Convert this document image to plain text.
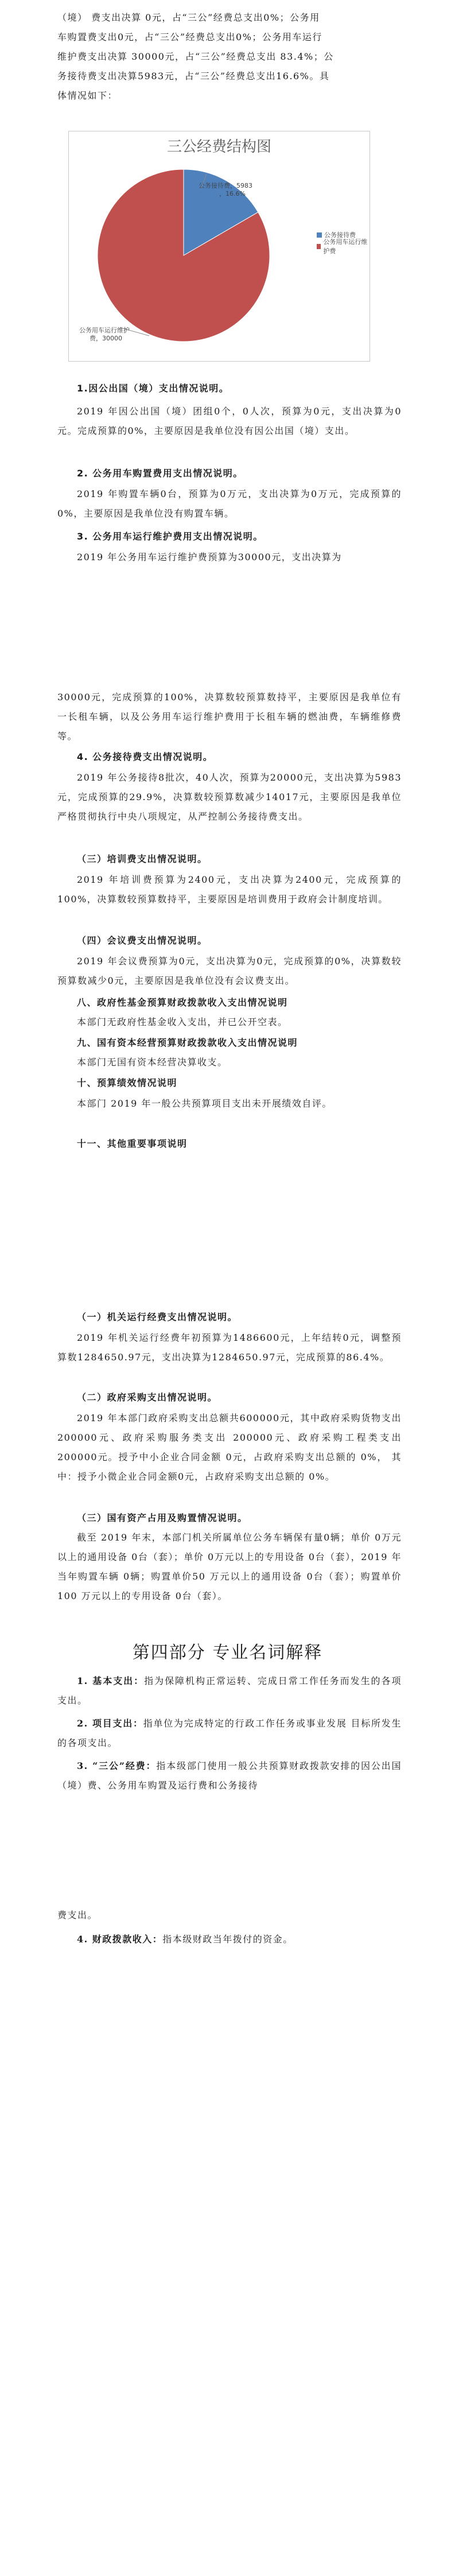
（境） 费支出决算 0元，占“三公”经费总支出0%；公务用

车购置费支出0元，占“三公”经费总支出0%；公务用车运行

维护费支出决算 30000元，占“三公”经费总支出 83.4%；公

务接待费支出决算5983元，占“三公”经费总支出16.6%。具

体情况如下：

三公经费结构图
公务接待费，5983
，16.6%
公务用车运行维护
费，30000
公务接待费
公务用车运行维护费

1.因公出国（境）支出情况说明。

2019 年因公出国（境）团组0个，0人次，预算为0元，支出决算为0元。完成预算的0%，主要原因是我单位没有因公出国（境）支出。

2. 公务用车购置费用支出情况说明。

2019 年购置车辆0台，预算为0万元，支出决算为0万元，完成预算的0%，主要原因是我单位没有购置车辆。

3. 公务用车运行维护费用支出情况说明。

2019 年公务用车运行维护费预算为30000元，支出决算为

30000元，完成预算的100%，决算数较预算数持平，主要原因是我单位有一长租车辆，以及公务用车运行维护费用于长租车辆的燃油费，车辆维修费等。

4. 公务接待费支出情况说明。

2019 年公务接待8批次，40人次，预算为20000元，支出决算为5983元，完成预算的29.9%，决算数较预算数减少14017元，主要原因是我单位严格贯彻执行中央八项规定，从严控制公务接待费支出。

（三）培训费支出情况说明。

2019 年培训费预算为2400元，支出决算为2400元，完成预算的100%，决算数较预算数持平，主要原因是培训费用于政府会计制度培训。

（四）会议费支出情况说明。

2019 年会议费预算为0元，支出决算为0元，完成预算的0%，决算数较预算数减少0元，主要原因是我单位没有会议费支出。

八、政府性基金预算财政拨款收入支出情况说明

本部门无政府性基金收入支出，并已公开空表。

九、国有资本经营预算财政拨款收入支出情况说明

本部门无国有资本经营决算收支。

十、预算绩效情况说明

本部门 2019 年一般公共预算项目支出未开展绩效自评。

十一、其他重要事项说明

（一）机关运行经费支出情况说明。

2019 年机关运行经费年初预算为1486600元，上年结转0元，调整预算数1284650.97元，支出决算为1284650.97元，完成预算的86.4%。

（二）政府采购支出情况说明。

2019 年本部门政府采购支出总额共600000元，其中政府采购货物支出 200000元、政府采购服务类支出 200000元、政府采购工程类支出200000元。授予中小企业合同金额 0元，占政府采购支出总额的 0%， 其中：授予小微企业合同金额0元，占政府采购支出总额的 0%。

（三）国有资产占用及购置情况说明。

截至 2019 年末，本部门机关所属单位公务车辆保有量0辆；单价 0万元以上的通用设备 0台（套）；单价 0万元以上的专用设备 0台（套），2019 年当年购置车辆 0辆；购置单价50 万元以上的通用设备 0台（套）；购置单价 100 万元以上的专用设备 0台（套）。

第四部分 专业名词解释

1. 基本支出：指为保障机构正常运转、完成日常工作任务而发生的各项支出。

2. 项目支出：指单位为完成特定的行政工作任务或事业发展 目标所发生的各项支出。

3. “三公”经费：指本级部门使用一般公共预算财政拨款安排的因公出国（境）费、公务用车购置及运行费和公务接待

费支出。

4. 财政拨款收入：指本级财政当年拨付的资金。
